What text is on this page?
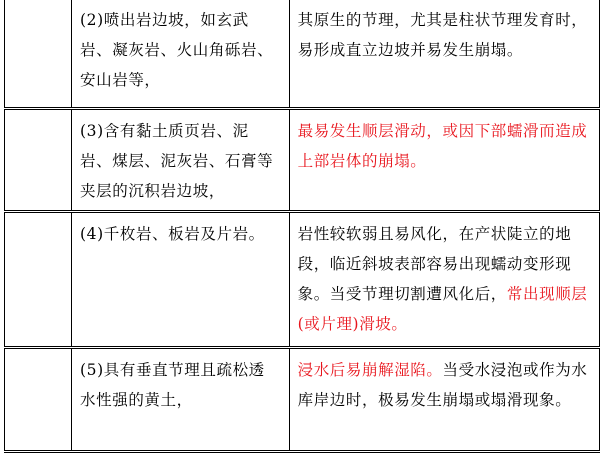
	(2)喷出岩边坡，如玄武岩、凝灰岩、火山角砾岩、安山岩等，	其原生的节理，尤其是柱状节理发育时，易形成直立边坡并易发生崩塌。
	(3)含有黏土质页岩、泥岩、煤层、泥灰岩、石膏等夹层的沉积岩边坡，	最易发生顺层滑动，或因下部蠕滑而造成上部岩体的崩塌。
	(4)千枚岩、板岩及片岩。	岩性较软弱且易风化，在产状陡立的地段，临近斜坡表部容易出现蠕动变形现象。当受节理切割遭风化后，常出现顺层(或片理)滑坡。
	(5)具有垂直节理且疏松透水性强的黄土，	浸水后易崩解湿陷。当受水浸泡或作为水库岸边时，极易发生崩塌或塌滑现象。
